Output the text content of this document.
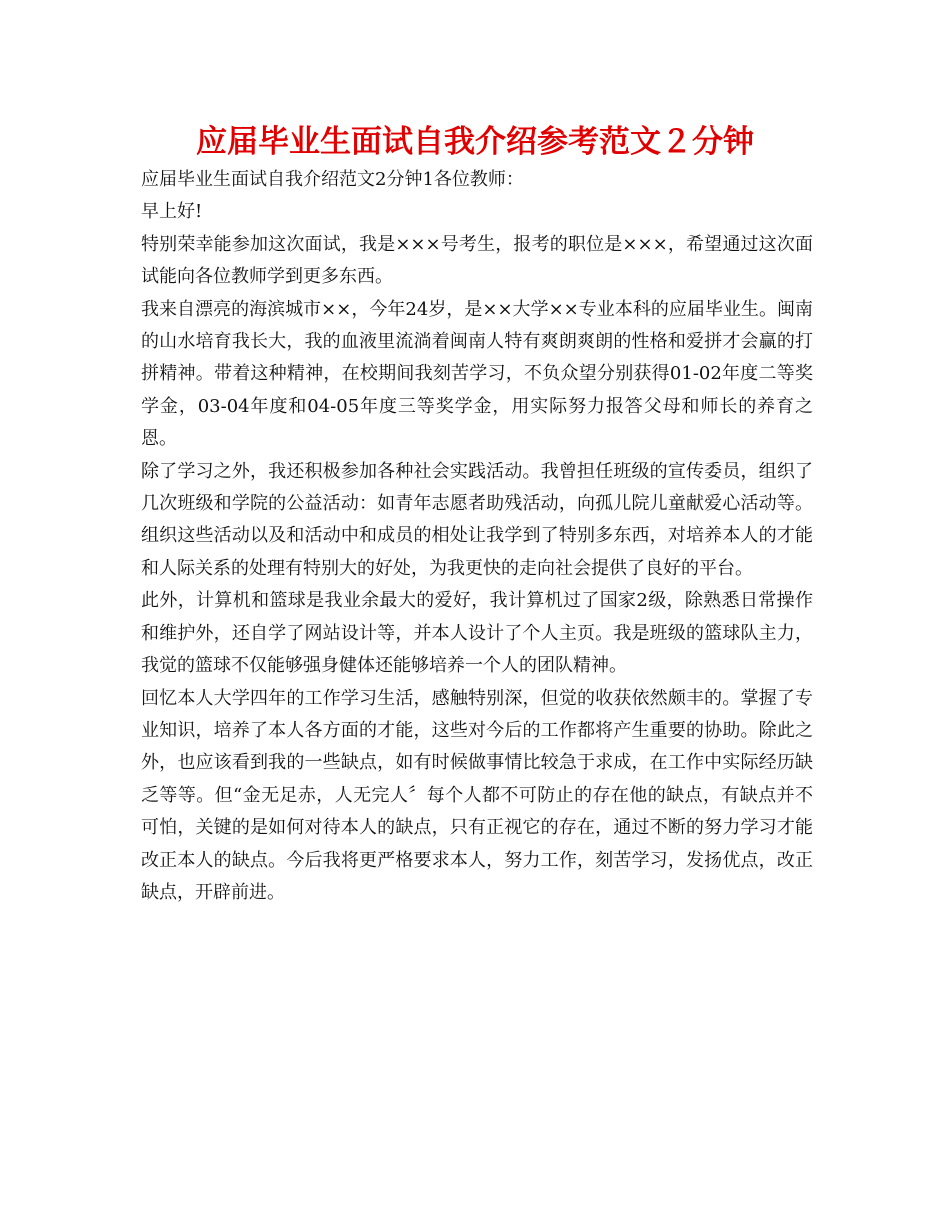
应届毕业生面试自我介绍参考范文２分钟

应届毕业生面试自我介绍范文2分钟1各位教师：

早上好!

特别荣幸能参加这次面试，我是×××号考生，报考的职位是×××，希望通过这次面试能向各位教师学到更多东西。

我来自漂亮的海滨城市××，今年24岁，是××大学××专业本科的应届毕业生。闽南的山水培育我长大，我的血液里流淌着闽南人特有爽朗爽朗的性格和爱拼才会赢的打拼精神。带着这种精神，在校期间我刻苦学习，不负众望分别获得01-02年度二等奖学金，03-04年度和04-05年度三等奖学金，用实际努力报答父母和师长的养育之恩。

除了学习之外，我还积极参加各种社会实践活动。我曾担任班级的宣传委员，组织了几次班级和学院的公益活动：如青年志愿者助残活动，向孤儿院儿童献爱心活动等。组织这些活动以及和活动中和成员的相处让我学到了特别多东西，对培养本人的才能和人际关系的处理有特别大的好处，为我更快的走向社会提供了良好的平台。

此外，计算机和篮球是我业余最大的爱好，我计算机过了国家2级，除熟悉日常操作和维护外，还自学了网站设计等，并本人设计了个人主页。我是班级的篮球队主力，我觉的篮球不仅能够强身健体还能够培养一个人的团队精神。

回忆本人大学四年的工作学习生活，感触特别深，但觉的收获依然颇丰的。掌握了专业知识，培养了本人各方面的才能，这些对今后的工作都将产生重要的协助。除此之外，也应该看到我的一些缺点，如有时候做事情比较急于求成，在工作中实际经历缺乏等等。但“金无足赤，人无完人〞每个人都不可防止的存在他的缺点，有缺点并不可怕，关键的是如何对待本人的缺点，只有正视它的存在，通过不断的努力学习才能改正本人的缺点。今后我将更严格要求本人，努力工作，刻苦学习，发扬优点，改正缺点，开辟前进。
